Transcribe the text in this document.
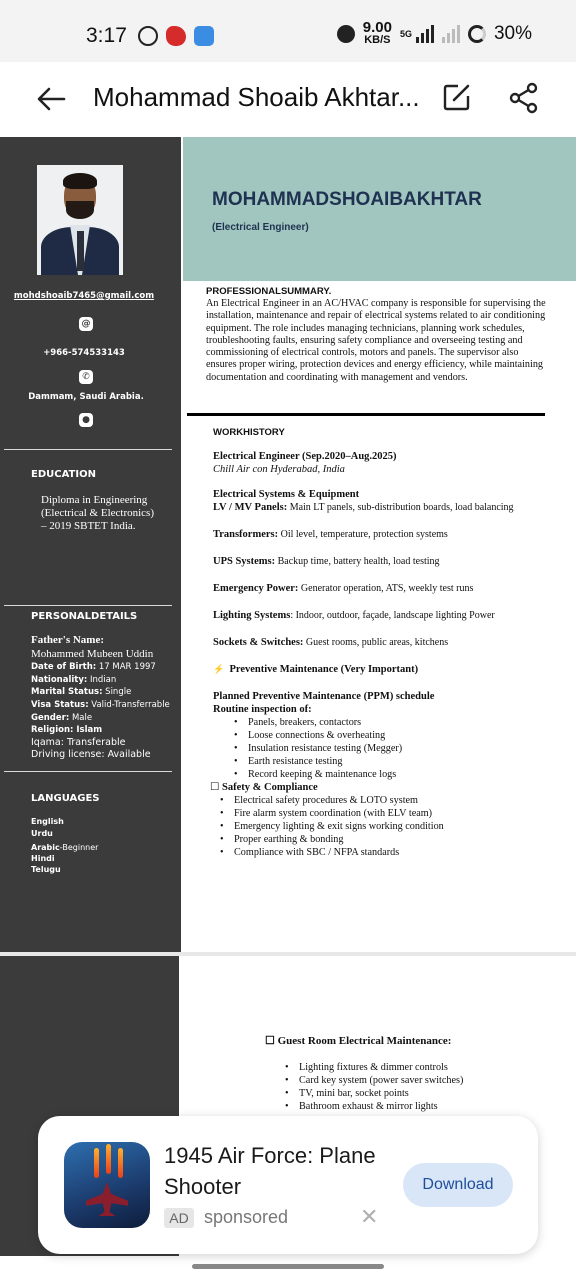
3:17	9.00
KB/S 5G	30%
Mohammad Shoaib Akhtar...
mohdshoaib7465@gmail.com
@
+966-574533143
✆
Dammam, Saudi Arabia.
●
EDUCATION
Diploma in Engineering (Electrical & Electronics) – 2019 SBTET India.
PERSONALDETAILS
Father's Name:
Mohammed Mubeen Uddin Date of Birth: 17 MAR 1997 Nationality: Indian
Marital Status: Single
Visa Status: Valid-Transferrable
Gender: Male
Religion: Islam
Iqama: Transferable
Driving license: Available
LANGUAGES
English
Urdu
Arabic-Beginner
Hindi
Telugu
MOHAMMADSHOAIBAKHTAR
(Electrical Engineer)
PROFESSIONALSUMMARY.
An Electrical Engineer in an AC/HVAC company is responsible for supervising the installation, maintenance and repair of electrical systems related to air conditioning equipment. The role includes managing technicians, planning work schedules, troubleshooting faults, ensuring safety compliance and overseeing testing and commissioning of electrical controls, motors and panels. The supervisor also ensures proper wiring, protection devices and energy efficiency, while maintaining documentation and coordinating with management and vendors.
WORKHISTORY
Electrical Engineer (Sep.2020–Aug.2025)
Chill Air con Hyderabad, India
Electrical Systems & Equipment
LV / MV Panels: Main LT panels, sub-distribution boards, load balancing
Transformers: Oil level, temperature, protection systems
UPS Systems: Backup time, battery health, load testing
Emergency Power: Generator operation, ATS, weekly test runs
Lighting Systems: Indoor, outdoor, façade, landscape lighting Power
Sockets & Switches: Guest rooms, public areas, kitchens
⚡ Preventive Maintenance (Very Important)
Planned Preventive Maintenance (PPM) schedule
Routine inspection of:
• Panels, breakers, contactors
• Loose connections & overheating
• Insulation resistance testing (Megger)
• Earth resistance testing
• Record keeping & maintenance logs
☐ Safety & Compliance
• Electrical safety procedures & LOTO system
• Fire alarm system coordination (with ELV team)
• Emergency lighting & exit signs working condition
• Proper earthing & bonding
• Compliance with SBC / NFPA standards
☐ Guest Room Electrical Maintenance:
• Lighting fixtures & dimmer controls
• Card key system (power saver switches)
• TV, mini bar, socket points
• Bathroom exhaust & mirror lights
1945 Air Force: Plane Shooter
AD sponsored	✕
Download
